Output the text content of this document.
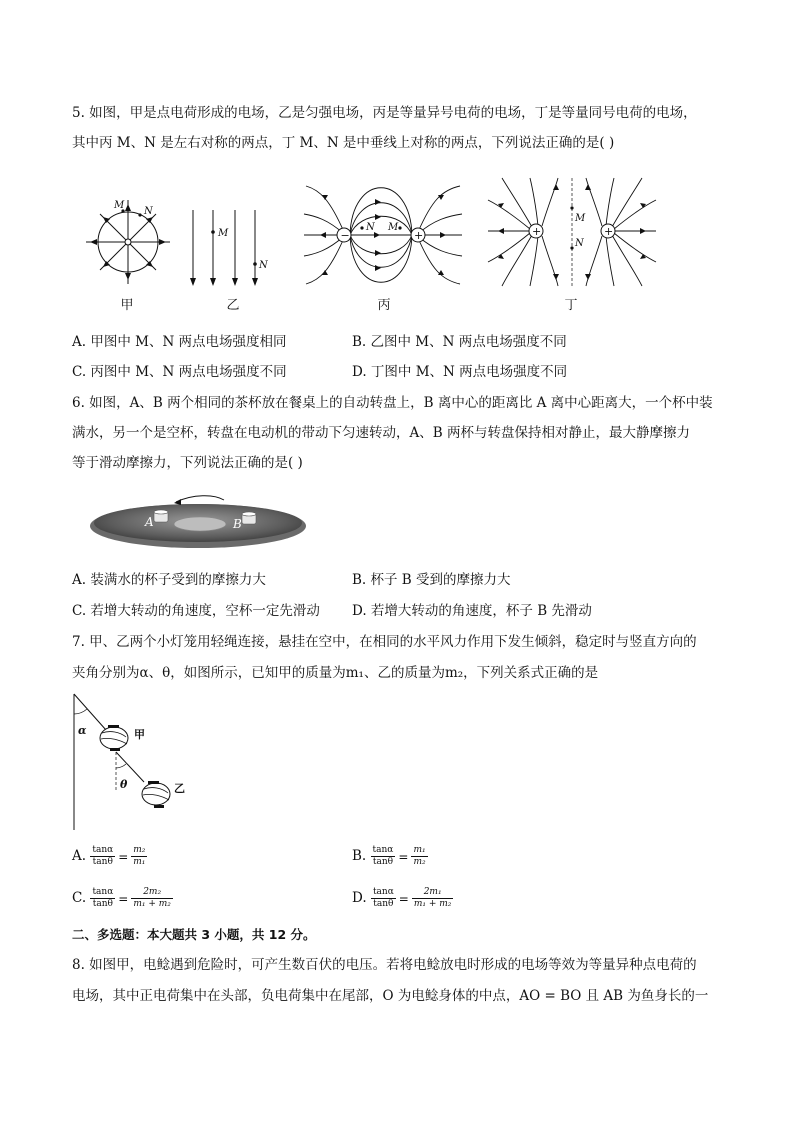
5. 如图，甲是点电荷形成的电场，乙是匀强电场，丙是等量异号电荷的电场，丁是等量同号电荷的电场，
其中丙 M、N 是左右对称的两点，丁 M、N 是中垂线上对称的两点，下列说法正确的是( )
M
N
甲
M
N
乙
−	+
N M
丙
+	+
M
N
丁
A. 甲图中 M、N 两点电场强度相同	B. 乙图中 M、N 两点电场强度不同
C. 丙图中 M、N 两点电场强度不同	D. 丁图中 M、N 两点电场强度不同
6. 如图，A、B 两个相同的茶杯放在餐桌上的自动转盘上，B 离中心的距离比 A 离中心距离大，一个杯中装
满水，另一个是空杯，转盘在电动机的带动下匀速转动，A、B 两杯与转盘保持相对静止，最大静摩擦力
等于滑动摩擦力，下列说法正确的是( )
A	B
A. 装满水的杯子受到的摩擦力大	B. 杯子 B 受到的摩擦力大
C. 若增大转动的角速度，空杯一定先滑动 D. 若增大转动的角速度，杯子 B 先滑动
7. 甲、乙两个小灯笼用轻绳连接，悬挂在空中，在相同的水平风力作用下发生倾斜，稳定时与竖直方向的
夹角分别为α、θ，如图所示，已知甲的质量为m₁、乙的质量为m₂，下列关系式正确的是
α	甲
θ	乙
A. $\frac{\tan\alpha}{\tan\theta} = \frac{\text{m₂}}{\text{m₁}}$	B. $\frac{\tan\alpha}{\tan\theta} = \frac{\text{m₁}}{\text{m₂}}$
C. $\frac{\tan\alpha}{\tan\theta} = \frac{\text{2m₂}}{\text{m₁ + m₂}}$	D. $\frac{\tan\alpha}{\tan\theta} = \frac{\text{2m₁}}{\text{m₁ + m₂}}$
二、多选题：本大题共 3 小题，共 12 分。
8. 如图甲，电鲶遇到危险时，可产生数百伏的电压。若将电鲶放电时形成的电场等效为等量异种点电荷的
电场，其中正电荷集中在头部，负电荷集中在尾部，O 为电鲶身体的中点，AO = BO 且 AB 为鱼身长的一
